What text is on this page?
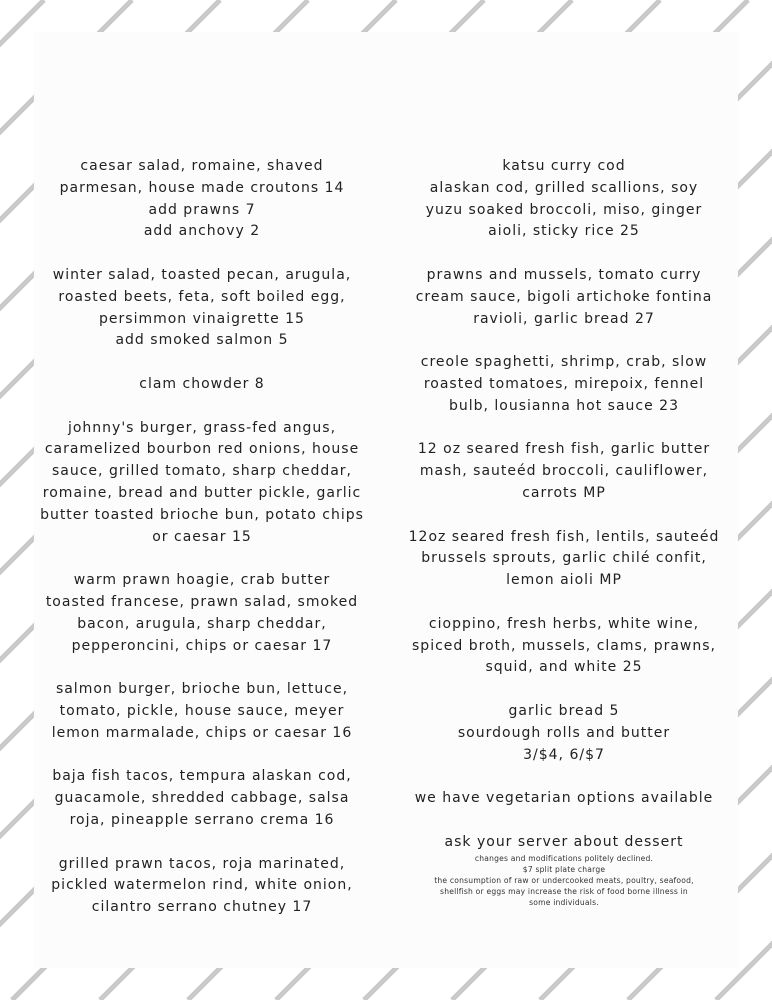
caesar salad, romaine, shaved
parmesan, house made croutons 14
add prawns 7
add anchovy 2
winter salad, toasted pecan, arugula,
roasted beets, feta, soft boiled egg,
persimmon vinaigrette 15
add smoked salmon 5
clam chowder 8
johnny's burger, grass-fed angus,
caramelized bourbon red onions, house
sauce, grilled tomato, sharp cheddar,
romaine, bread and butter pickle, garlic
butter toasted brioche bun, potato chips
or caesar 15
warm prawn hoagie, crab butter
toasted francese, prawn salad, smoked
bacon, arugula, sharp cheddar,
pepperoncini, chips or caesar 17
salmon burger, brioche bun, lettuce,
tomato, pickle, house sauce, meyer
lemon marmalade, chips or caesar 16
baja fish tacos, tempura alaskan cod,
guacamole, shredded cabbage, salsa
roja, pineapple serrano crema 16
grilled prawn tacos, roja marinated,
pickled watermelon rind, white onion,
cilantro serrano chutney 17
katsu curry cod
alaskan cod, grilled scallions, soy
yuzu soaked broccoli, miso, ginger
aioli, sticky rice 25
prawns and mussels, tomato curry
cream sauce, bigoli artichoke fontina
ravioli, garlic bread 27
creole spaghetti, shrimp, crab, slow
roasted tomatoes, mirepoix, fennel
bulb, lousianna hot sauce 23
12 oz seared fresh fish, garlic butter
mash, sauteéd broccoli, cauliflower,
carrots MP
12oz seared fresh fish, lentils, sauteéd
brussels sprouts, garlic chilé confit,
lemon aioli MP
cioppino, fresh herbs, white wine,
spiced broth, mussels, clams, prawns,
squid, and white 25
garlic bread 5
sourdough rolls and butter
3/$4, 6/$7
we have vegetarian options available
ask your server about dessert
changes and modifications politely declined.
$7 split plate charge
the consumption of raw or undercooked meats, poultry, seafood,
shellfish or eggs may increase the risk of food borne illness in
some individuals.
